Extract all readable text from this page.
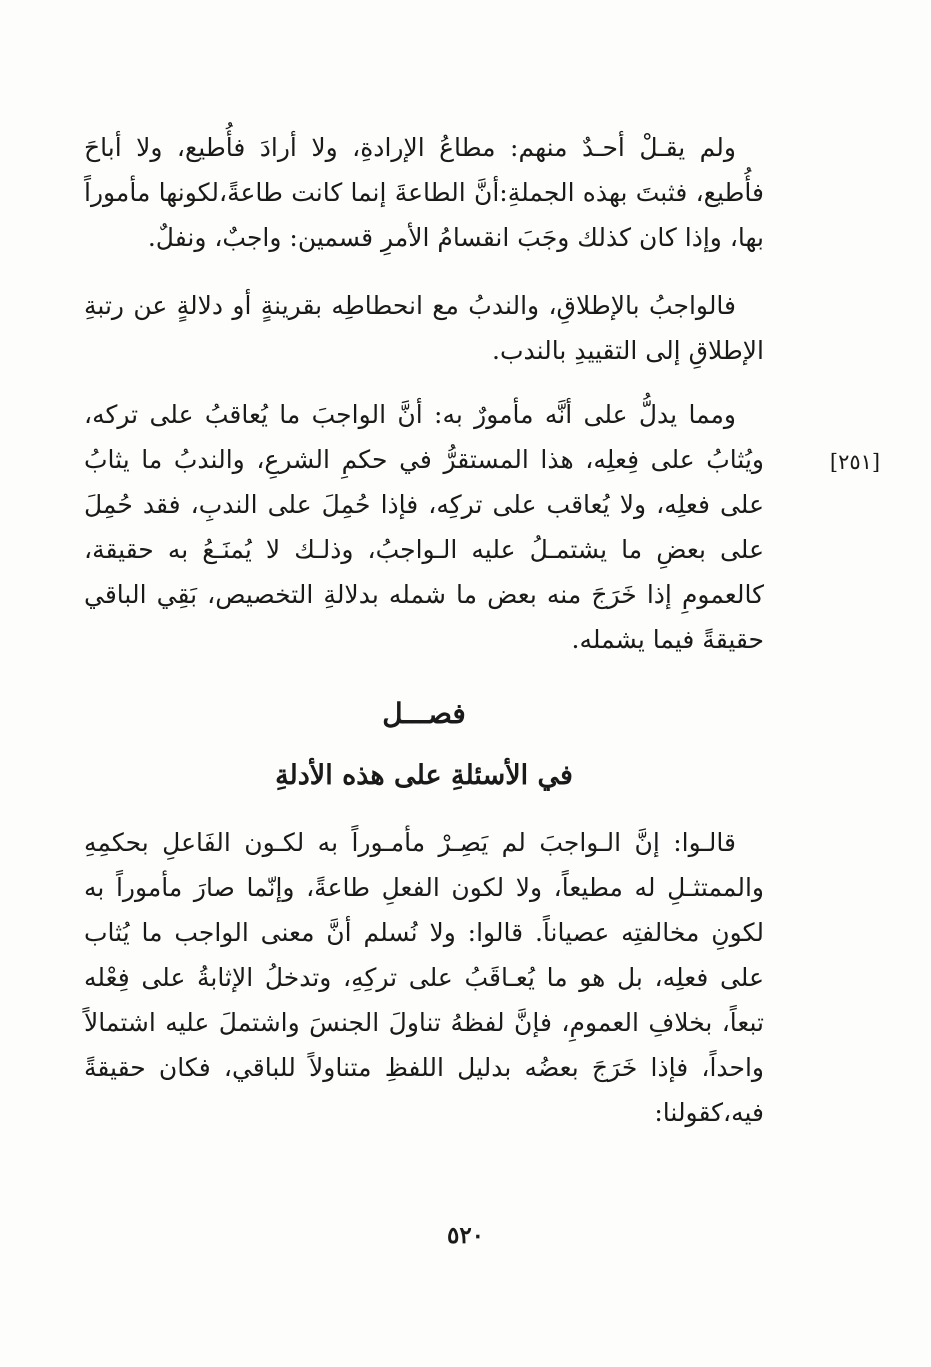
ولم يقـلْ أحـدٌ منهم: مطاعُ الإرادةِ، ولا أرادَ فأُطيع، ولا أباحَ فأُطيع، فثبتَ بهذه الجملةِ:أنَّ الطاعةَ إنما كانت طاعةً،لكونها مأموراً بها، وإذا كان كذلك وجَبَ انقسامُ الأمرِ قسمين: واجبٌ، ونفلٌ.

فالواجبُ بالإطلاقِ، والندبُ مع انحطاطِه بقرينةٍ أو دلالةٍ عن رتبةِ الإطلاقِ إلى التقييدِ بالندب.

ومما يدلُّ على أنَّه مأمورٌ به: أنَّ الواجبَ ما يُعاقبُ على تركه، ويُثابُ على فِعلِه، هذا المستقرُّ في حكمِ الشرعِ، والندبُ ما يثابُ على فعلِه، ولا يُعاقب على تركِه، فإذا حُمِلَ على الندبِ، فقد حُمِلَ على بعضِ ما يشتمـلُ عليه الـواجبُ، وذلـك لا يُمنَـعُ به حقيقة، كالعمومِ إذا خَرَجَ منه بعض ما شمله بدلالةِ التخصيص، بَقِي الباقي حقيقةً فيما يشمله.

[٢٥١]
فصـــل
في الأسئلةِ على هذه الأدلةِ

قالـوا: إنَّ الـواجبَ لم يَصِـرْ مأمـوراً به لكـون الفَاعلِ بحكمِهِ والممتثـلِ له مطيعاً، ولا لكون الفعلِ طاعةً، وإنّما صارَ مأموراً به لكونِ مخالفتِه عصياناً. قالوا: ولا نُسلم أنَّ معنى الواجب ما يُثاب على فعلِه، بل هو ما يُعـاقَبُ على تركِهِ، وتدخلُ الإثابةُ على فِعْله تبعاً، بخلافِ العمومِ، فإنَّ لفظهُ تناولَ الجنسَ واشتملَ عليه اشتمالاً واحداً، فإذا خَرَجَ بعضُه بدليل اللفظِ متناولاً للباقي، فكان حقيقةً فيه،كقولنا:

٥٢٠
